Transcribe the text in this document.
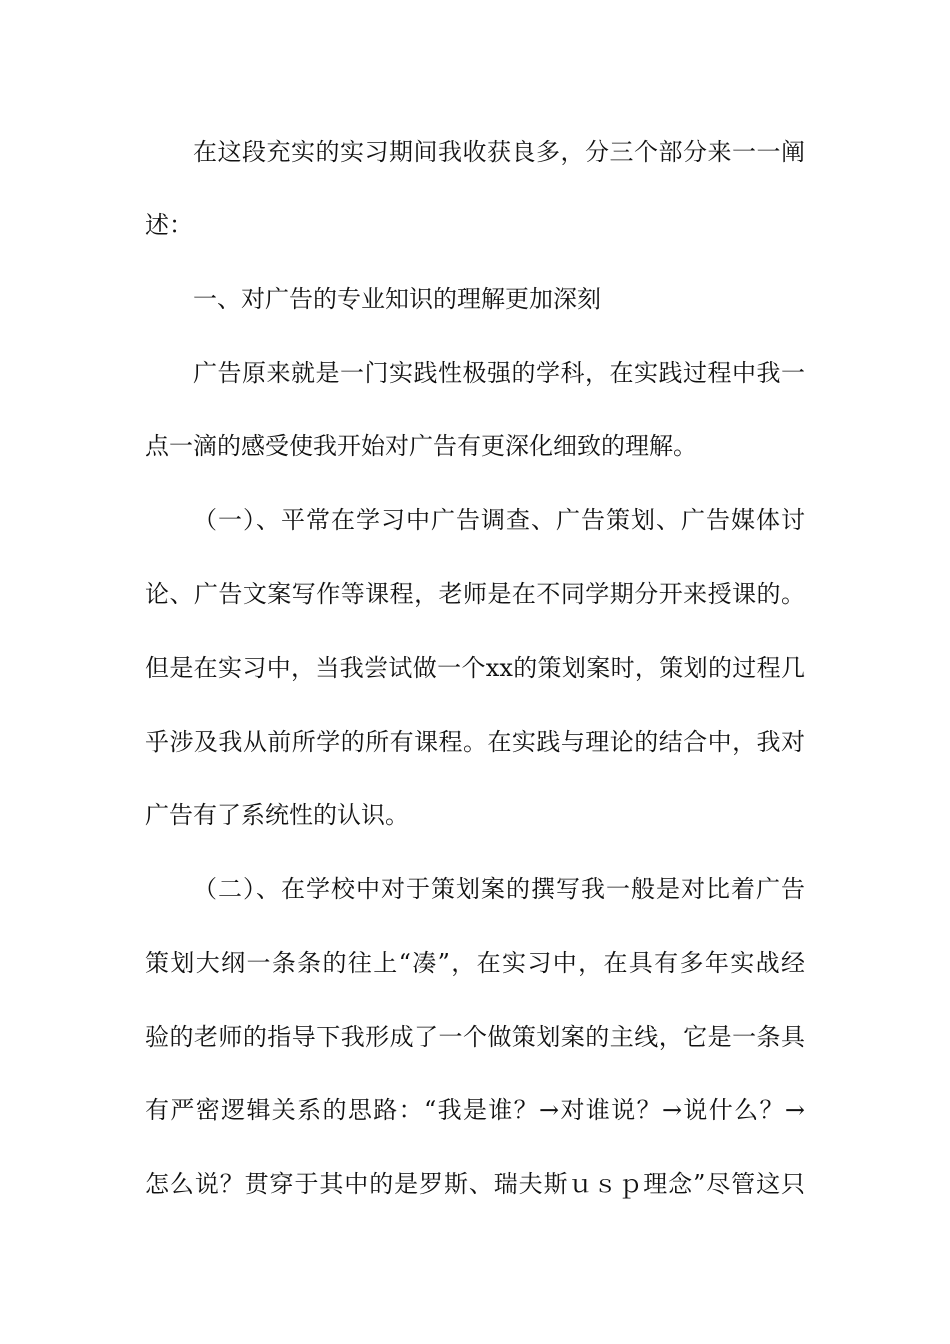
在这段充实的实习期间我收获良多，分三个部分来一一阐
述：
一、对广告的专业知识的理解更加深刻
广告原来就是一门实践性极强的学科，在实践过程中我一
点一滴的感受使我开始对广告有更深化细致的理解。
（一）、平常在学习中广告调查、广告策划、广告媒体讨
论、广告文案写作等课程，老师是在不同学期分开来授课的。
但是在实习中，当我尝试做一个xx的策划案时，策划的过程几
乎涉及我从前所学的所有课程。在实践与理论的结合中，我对
广告有了系统性的认识。
（二）、在学校中对于策划案的撰写我一般是对比着广告
策划大纲一条条的往上“凑”，在实习中，在具有多年实战经
验的老师的指导下我形成了一个做策划案的主线，它是一条具
有严密逻辑关系的思路：“我是谁？→对谁说？→说什么？→
怎么说？贯穿于其中的是罗斯、瑞夫斯ｕｓｐ理念”尽管这只
